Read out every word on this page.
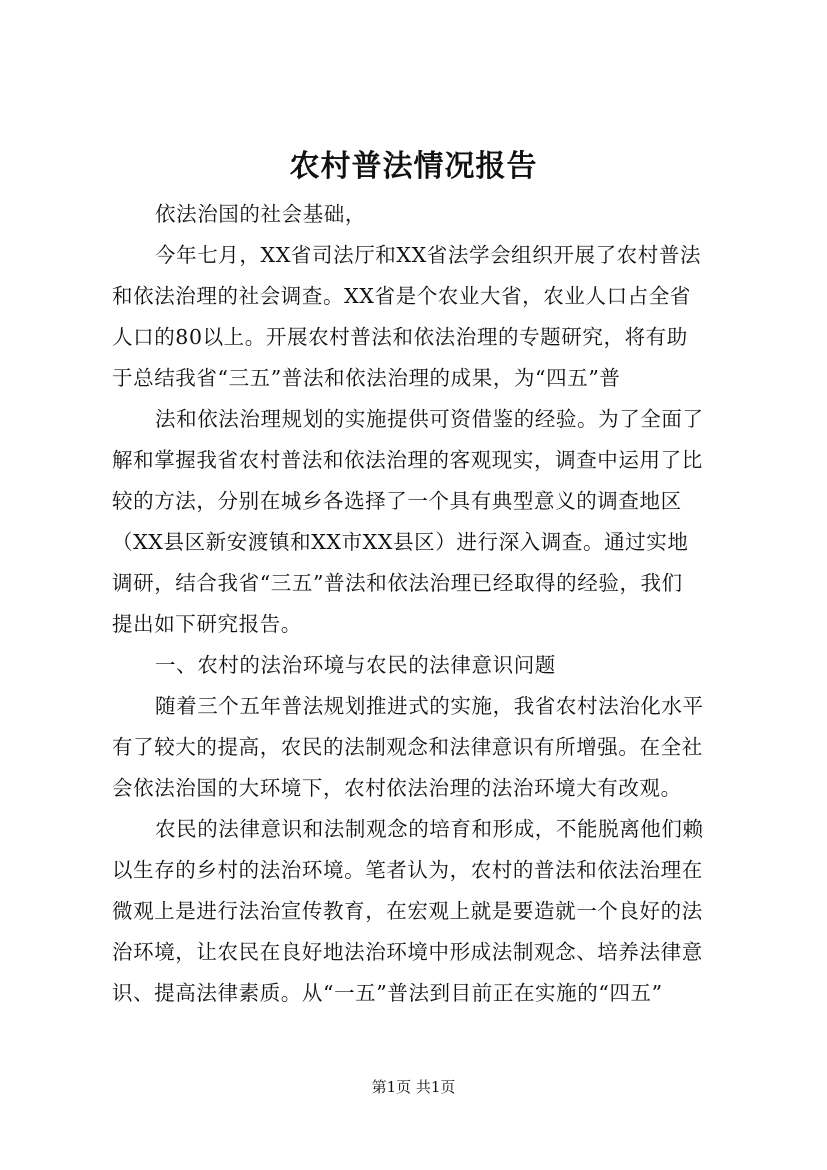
农村普法情况报告
依法治国的社会基础，
今年七月，XX省司法厅和XX省法学会组织开展了农村普法
和依法治理的社会调查。XX省是个农业大省，农业人口占全省
人口的80以上。开展农村普法和依法治理的专题研究，将有助
于总结我省“三五”普法和依法治理的成果，为“四五”普
法和依法治理规划的实施提供可资借鉴的经验。为了全面了
解和掌握我省农村普法和依法治理的客观现实，调查中运用了比
较的方法，分别在城乡各选择了一个具有典型意义的调查地区
（XX县区新安渡镇和XX市XX县区）进行深入调查。通过实地
调研，结合我省“三五”普法和依法治理已经取得的经验，我们
提出如下研究报告。
一、农村的法治环境与农民的法律意识问题
随着三个五年普法规划推进式的实施，我省农村法治化水平
有了较大的提高，农民的法制观念和法律意识有所增强。在全社
会依法治国的大环境下，农村依法治理的法治环境大有改观。
农民的法律意识和法制观念的培育和形成，不能脱离他们赖
以生存的乡村的法治环境。笔者认为，农村的普法和依法治理在
微观上是进行法治宣传教育，在宏观上就是要造就一个良好的法
治环境，让农民在良好地法治环境中形成法制观念、培养法律意
识、提高法律素质。从“一五”普法到目前正在实施的“四五”
第1页 共1页
